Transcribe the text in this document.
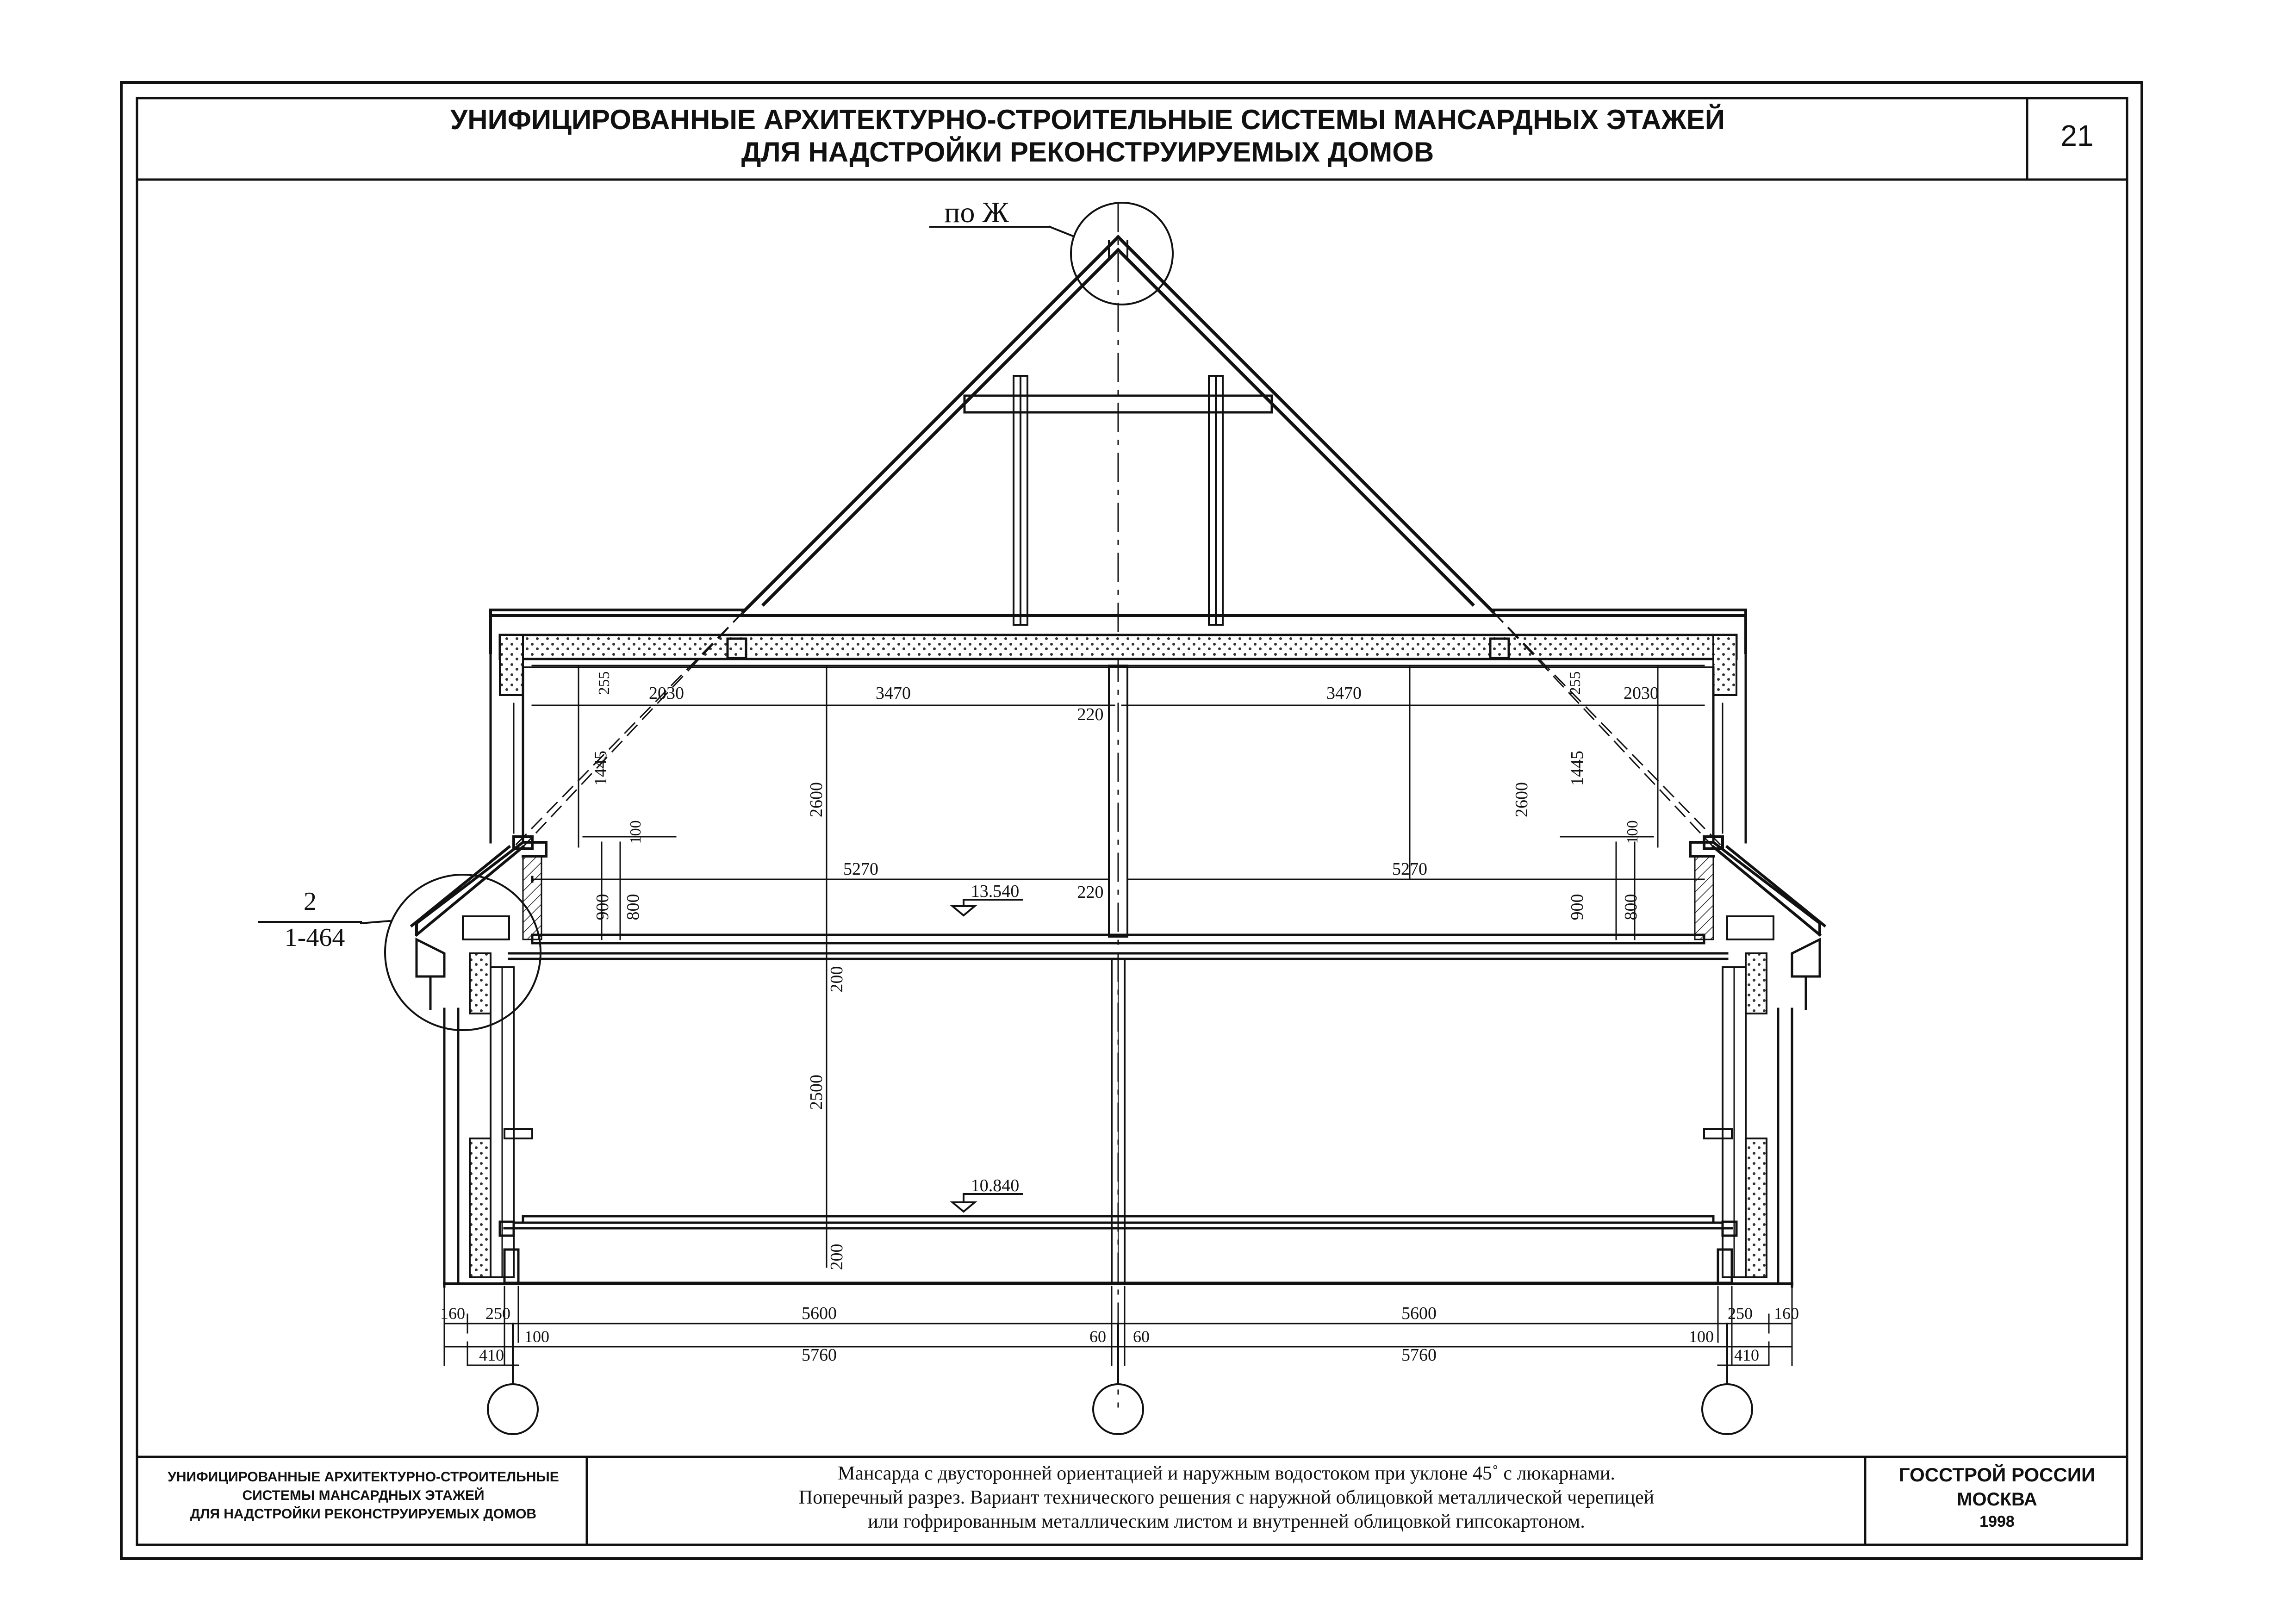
2030	3470	3470	2030
220
5270	5270
220
13.540
10.840
255	255
1445	1445
2600	2600
100	100
900 800	900 800
200
2500
200
160 250
100
5600
60 60
5600
100
250 160
410	5760	5760	410
по Ж
2
1-464
УНИФИЦИРОВАННЫЕ АРХИТЕКТУРНО-СТРОИТЕЛЬНЫЕ СИСТЕМЫ МАНСАРДНЫХ ЭТАЖЕЙ
ДЛЯ НАДСТРОЙКИ РЕКОНСТРУИРУЕМЫХ ДОМОВ	21
УНИФИЦИРОВАННЫЕ АРХИТЕКТУРНО-СТРОИТЕЛЬНЫЕ
СИСТЕМЫ МАНСАРДНЫХ ЭТАЖЕЙ
ДЛЯ НАДСТРОЙКИ РЕКОНСТРУИРУЕМЫХ ДОМОВ
Мансарда с двусторонней ориентацией и наружным водостоком при уклоне 45˚ с люкарнами.
Поперечный разрез. Вариант технического решения с наружной облицовкой металлической черепицей
или гофрированным металлическим листом и внутренней облицовкой гипсокартоном.
ГОССТРОЙ РОССИИ
МОСКВА
1998
